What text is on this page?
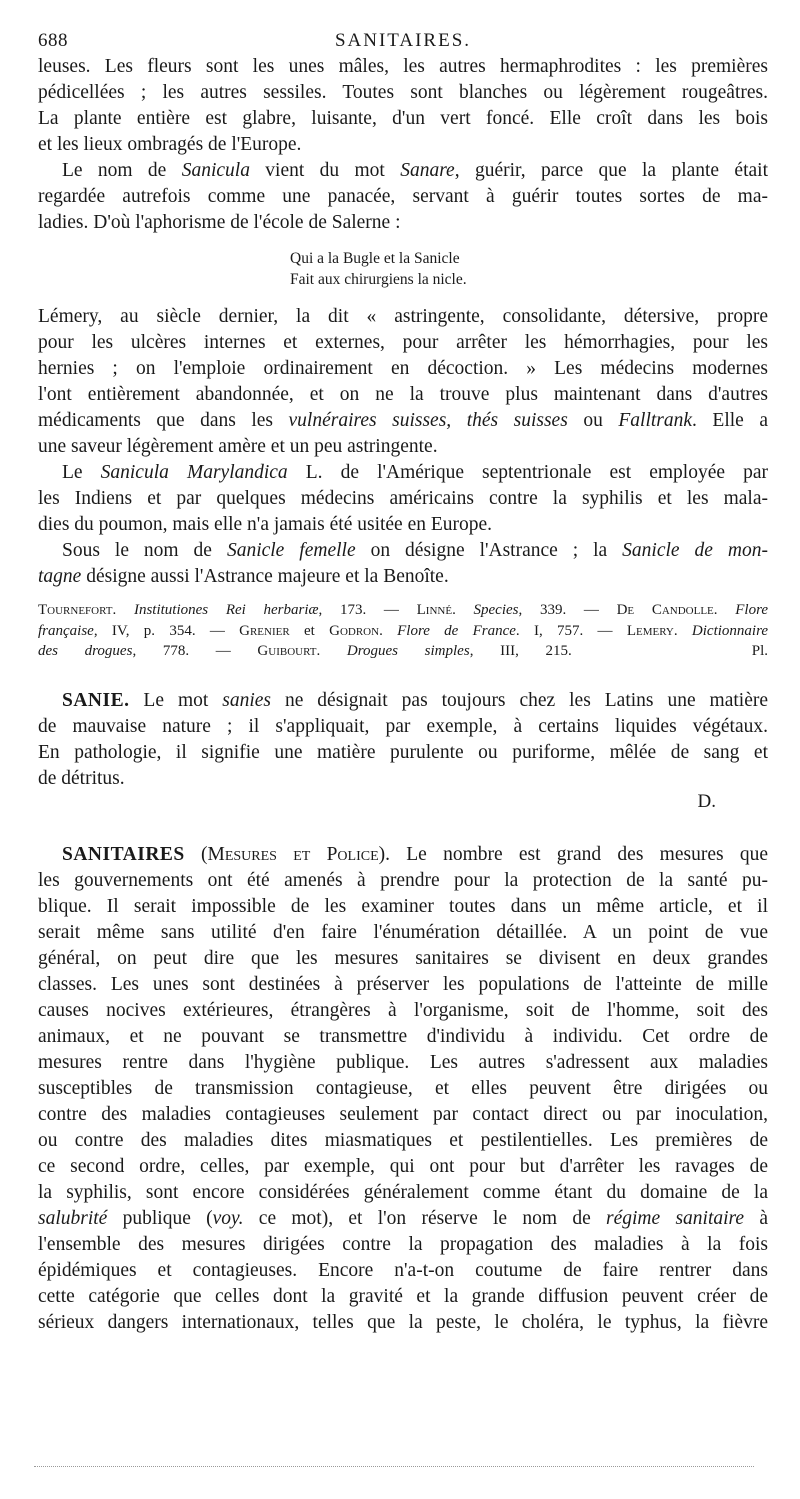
688	SANITAIRES.
leuses. Les fleurs sont les unes mâles, les autres hermaphrodites : les premières
pédicellées ; les autres sessiles. Toutes sont blanches ou légèrement rougeâtres.
La plante entière est glabre, luisante, d'un vert foncé. Elle croît dans les bois
et les lieux ombragés de l'Europe.
Le nom de Sanicula vient du mot Sanare, guérir, parce que la plante était
regardée autrefois comme une panacée, servant à guérir toutes sortes de ma-
ladies. D'où l'aphorisme de l'école de Salerne :
Qui a la Bugle et la Sanicle
Fait aux chirurgiens la nicle.
Lémery, au siècle dernier, la dit « astringente, consolidante, détersive, propre
pour les ulcères internes et externes, pour arrêter les hémorrhagies, pour les
hernies ; on l'emploie ordinairement en décoction. » Les médecins modernes
l'ont entièrement abandonnée, et on ne la trouve plus maintenant dans d'autres
médicaments que dans les vulnéraires suisses, thés suisses ou Falltrank. Elle a
une saveur légèrement amère et un peu astringente.
Le Sanicula Marylandica L. de l'Amérique septentrionale est employée par
les Indiens et par quelques médecins américains contre la syphilis et les mala-
dies du poumon, mais elle n'a jamais été usitée en Europe.
Sous le nom de Sanicle femelle on désigne l'Astrance ; la Sanicle de mon-
tagne désigne aussi l'Astrance majeure et la Benoîte.
Tournefort. Institutiones Rei herbariæ, 173. — Linné. Species, 339. — De Candolle. Flore
française, IV, p. 354. — Grenier et Godron. Flore de France. I, 757. — Lemery. Dictionnaire
des drogues, 778. — Guibourt. Drogues simples, III, 215.	Pl.
SANIE. Le mot sanies ne désignait pas toujours chez les Latins une matière
de mauvaise nature ; il s'appliquait, par exemple, à certains liquides végétaux.
En pathologie, il signifie une matière purulente ou puriforme, mêlée de sang et
de détritus.
D.
SANITAIRES (Mesures et Police). Le nombre est grand des mesures que
les gouvernements ont été amenés à prendre pour la protection de la santé pu-
blique. Il serait impossible de les examiner toutes dans un même article, et il
serait même sans utilité d'en faire l'énumération détaillée. A un point de vue
général, on peut dire que les mesures sanitaires se divisent en deux grandes
classes. Les unes sont destinées à préserver les populations de l'atteinte de mille
causes nocives extérieures, étrangères à l'organisme, soit de l'homme, soit des
animaux, et ne pouvant se transmettre d'individu à individu. Cet ordre de
mesures rentre dans l'hygiène publique. Les autres s'adressent aux maladies
susceptibles de transmission contagieuse, et elles peuvent être dirigées ou
contre des maladies contagieuses seulement par contact direct ou par inoculation,
ou contre des maladies dites miasmatiques et pestilentielles. Les premières de
ce second ordre, celles, par exemple, qui ont pour but d'arrêter les ravages de
la syphilis, sont encore considérées généralement comme étant du domaine de la
salubrité publique (voy. ce mot), et l'on réserve le nom de régime sanitaire à
l'ensemble des mesures dirigées contre la propagation des maladies à la fois
épidémiques et contagieuses. Encore n'a-t-on coutume de faire rentrer dans
cette catégorie que celles dont la gravité et la grande diffusion peuvent créer de
sérieux dangers internationaux, telles que la peste, le choléra, le typhus, la fièvre
